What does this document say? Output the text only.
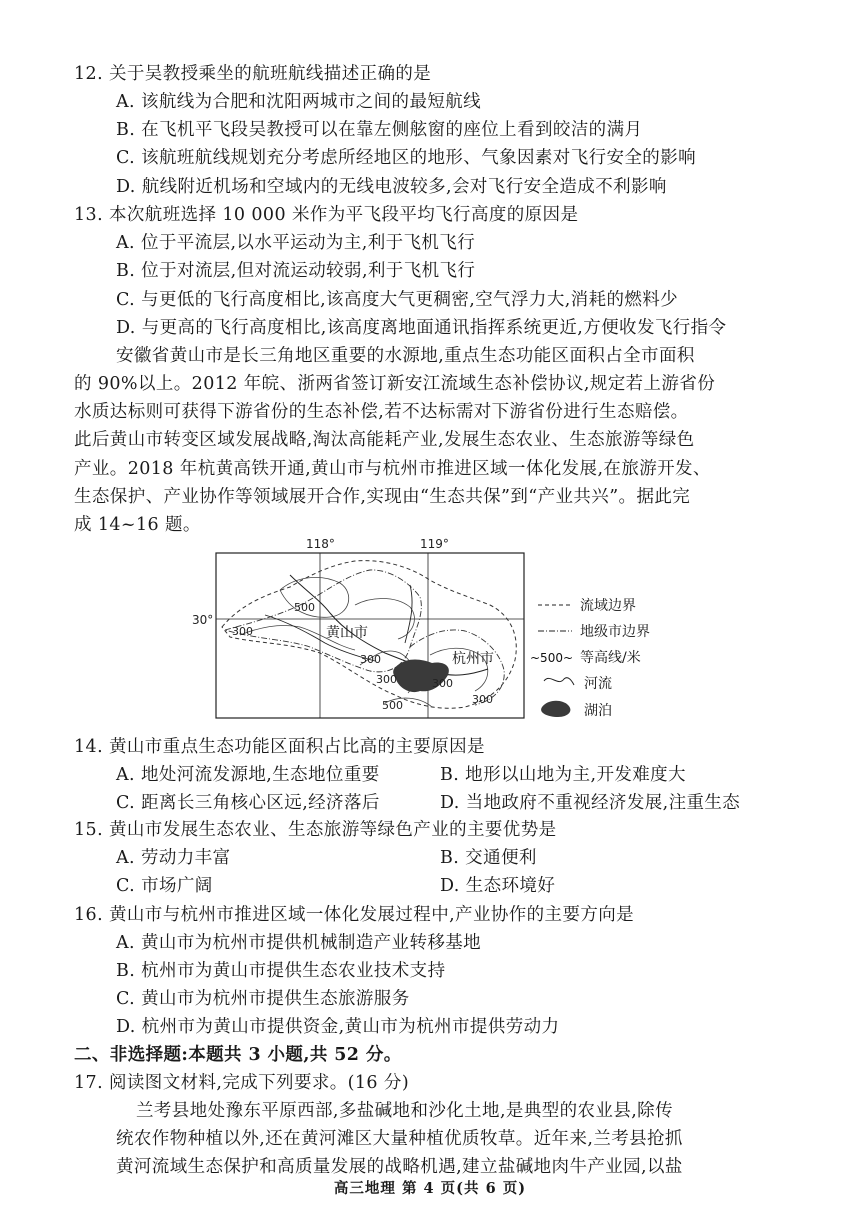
12. 关于吴教授乘坐的航班航线描述正确的是
A. 该航线为合肥和沈阳两城市之间的最短航线
B. 在飞机平飞段吴教授可以在靠左侧舷窗的座位上看到皎洁的满月
C. 该航班航线规划充分考虑所经地区的地形、气象因素对飞行安全的影响
D. 航线附近机场和空域内的无线电波较多,会对飞行安全造成不利影响
13. 本次航班选择 10 000 米作为平飞段平均飞行高度的原因是
A. 位于平流层,以水平运动为主,利于飞机飞行
B. 位于对流层,但对流运动较弱,利于飞机飞行
C. 与更低的飞行高度相比,该高度大气更稠密,空气浮力大,消耗的燃料少
D. 与更高的飞行高度相比,该高度离地面通讯指挥系统更近,方便收发飞行指令
安徽省黄山市是长三角地区重要的水源地,重点生态功能区面积占全市面积
的 90%以上。2012 年皖、浙两省签订新安江流域生态补偿协议,规定若上游省份
水质达标则可获得下游省份的生态补偿,若不达标需对下游省份进行生态赔偿。
此后黄山市转变区域发展战略,淘汰高能耗产业,发展生态农业、生态旅游等绿色
产业。2018 年杭黄高铁开通,黄山市与杭州市推进区域一体化发展,在旅游开发、
生态保护、产业协作等领域展开合作,实现由“生态共保”到“产业共兴”。据此完
成 14~16 题。
118°	119°
30°
黄山市
杭州市
500
300
300
300	300
300
500
流域边界
地级市边界
~500~ 等高线/米
河流
湖泊
14. 黄山市重点生态功能区面积占比高的主要原因是
A. 地处河流发源地,生态地位重要	B. 地形以山地为主,开发难度大
C. 距离长三角核心区远,经济落后	D. 当地政府不重视经济发展,注重生态
15. 黄山市发展生态农业、生态旅游等绿色产业的主要优势是
A. 劳动力丰富	B. 交通便利
C. 市场广阔	D. 生态环境好
16. 黄山市与杭州市推进区域一体化发展过程中,产业协作的主要方向是
A. 黄山市为杭州市提供机械制造产业转移基地
B. 杭州市为黄山市提供生态农业技术支持
C. 黄山市为杭州市提供生态旅游服务
D. 杭州市为黄山市提供资金,黄山市为杭州市提供劳动力
二、非选择题:本题共 3 小题,共 52 分。
17. 阅读图文材料,完成下列要求。(16 分)
兰考县地处豫东平原西部,多盐碱地和沙化土地,是典型的农业县,除传
统农作物种植以外,还在黄河滩区大量种植优质牧草。近年来,兰考县抢抓
黄河流域生态保护和高质量发展的战略机遇,建立盐碱地肉牛产业园,以盐
高三地理 第 4 页(共 6 页)
